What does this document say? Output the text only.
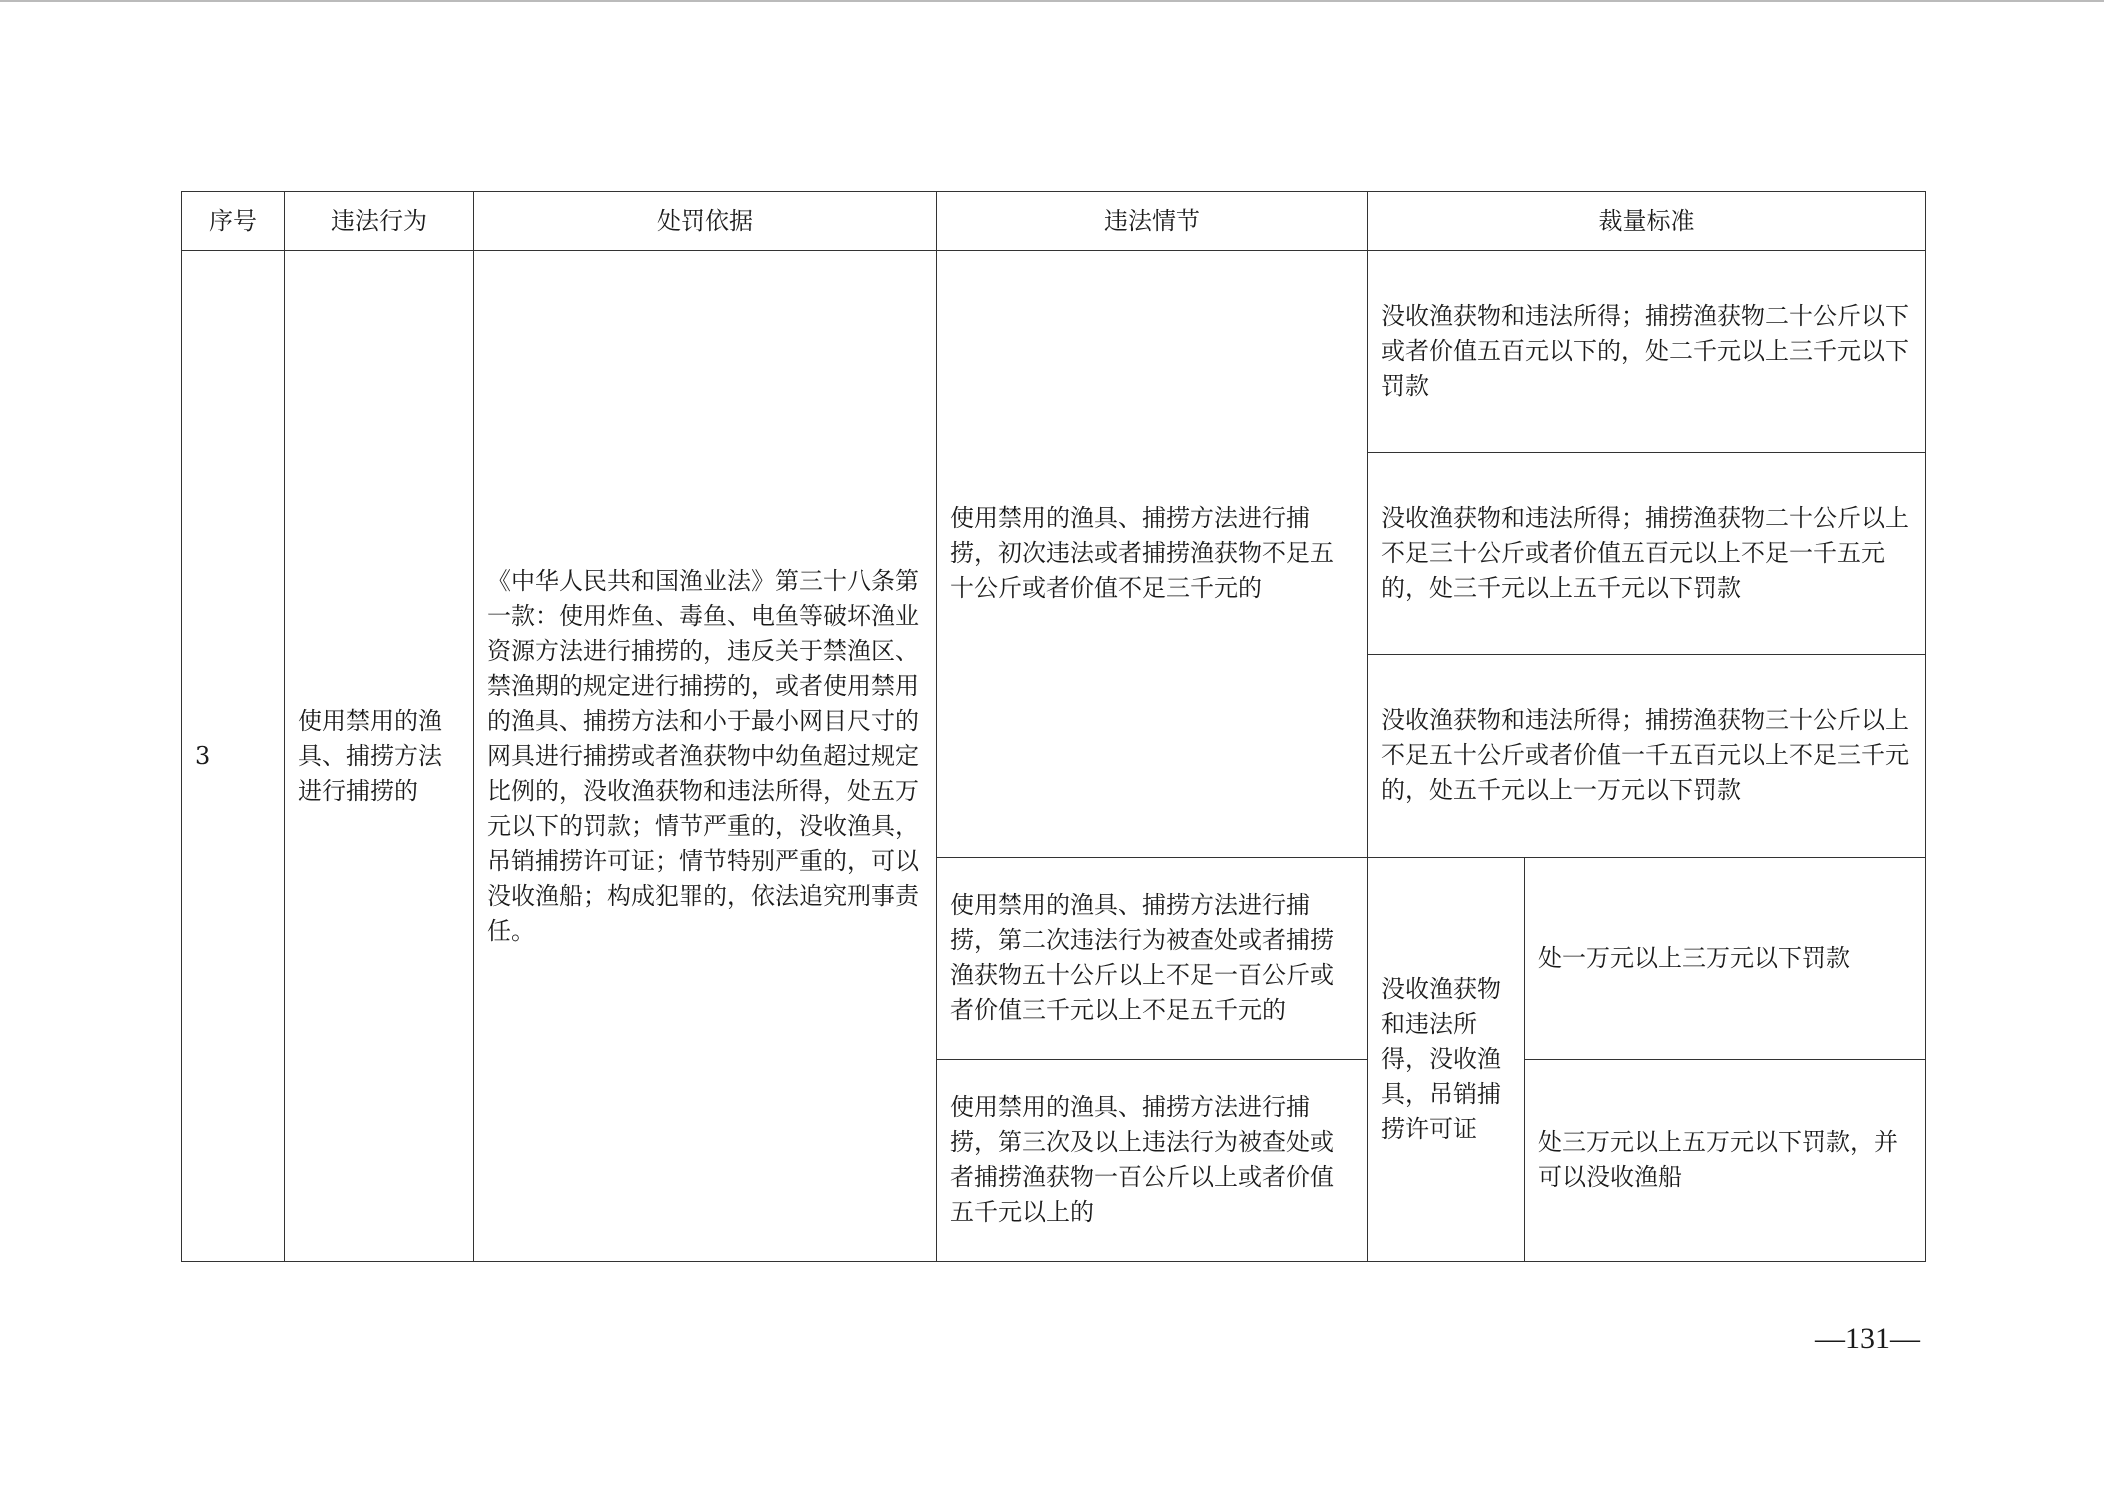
序号	违法行为	处罚依据	违法情节	裁量标准	
3	使用禁用的渔具、捕捞方法进行捕捞的	《中华人民共和国渔业法》第三十八条第一款：使用炸鱼、毒鱼、电鱼等破坏渔业资源方法进行捕捞的，违反关于禁渔区、禁渔期的规定进行捕捞的，或者使用禁用的渔具、捕捞方法和小于最小网目尺寸的网具进行捕捞或者渔获物中幼鱼超过规定比例的，没收渔获物和违法所得，处五万元以下的罚款；情节严重的，没收渔具，吊销捕捞许可证；情节特别严重的，可以没收渔船；构成犯罪的，依法追究刑事责任。	使用禁用的渔具、捕捞方法进行捕捞，初次违法或者捕捞渔获物不足五十公斤或者价值不足三千元的	没收渔获物和违法所得；捕捞渔获物二十公斤以下或者价值五百元以下的，处二千元以上三千元以下罚款	
				没收渔获物和违法所得；捕捞渔获物二十公斤以上不足三十公斤或者价值五百元以上不足一千五元的，处三千元以上五千元以下罚款	
				没收渔获物和违法所得；捕捞渔获物三十公斤以上不足五十公斤或者价值一千五百元以上不足三千元的，处五千元以上一万元以下罚款	
			使用禁用的渔具、捕捞方法进行捕捞，第二次违法行为被查处或者捕捞渔获物五十公斤以上不足一百公斤或者价值三千元以上不足五千元的	没收渔获物和违法所得，没收渔具，吊销捕捞许可证	处一万元以上三万元以下罚款
			使用禁用的渔具、捕捞方法进行捕捞，第三次及以上违法行为被查处或者捕捞渔获物一百公斤以上或者价值五千元以上的		处三万元以上五万元以下罚款，并可以没收渔船
—131—
